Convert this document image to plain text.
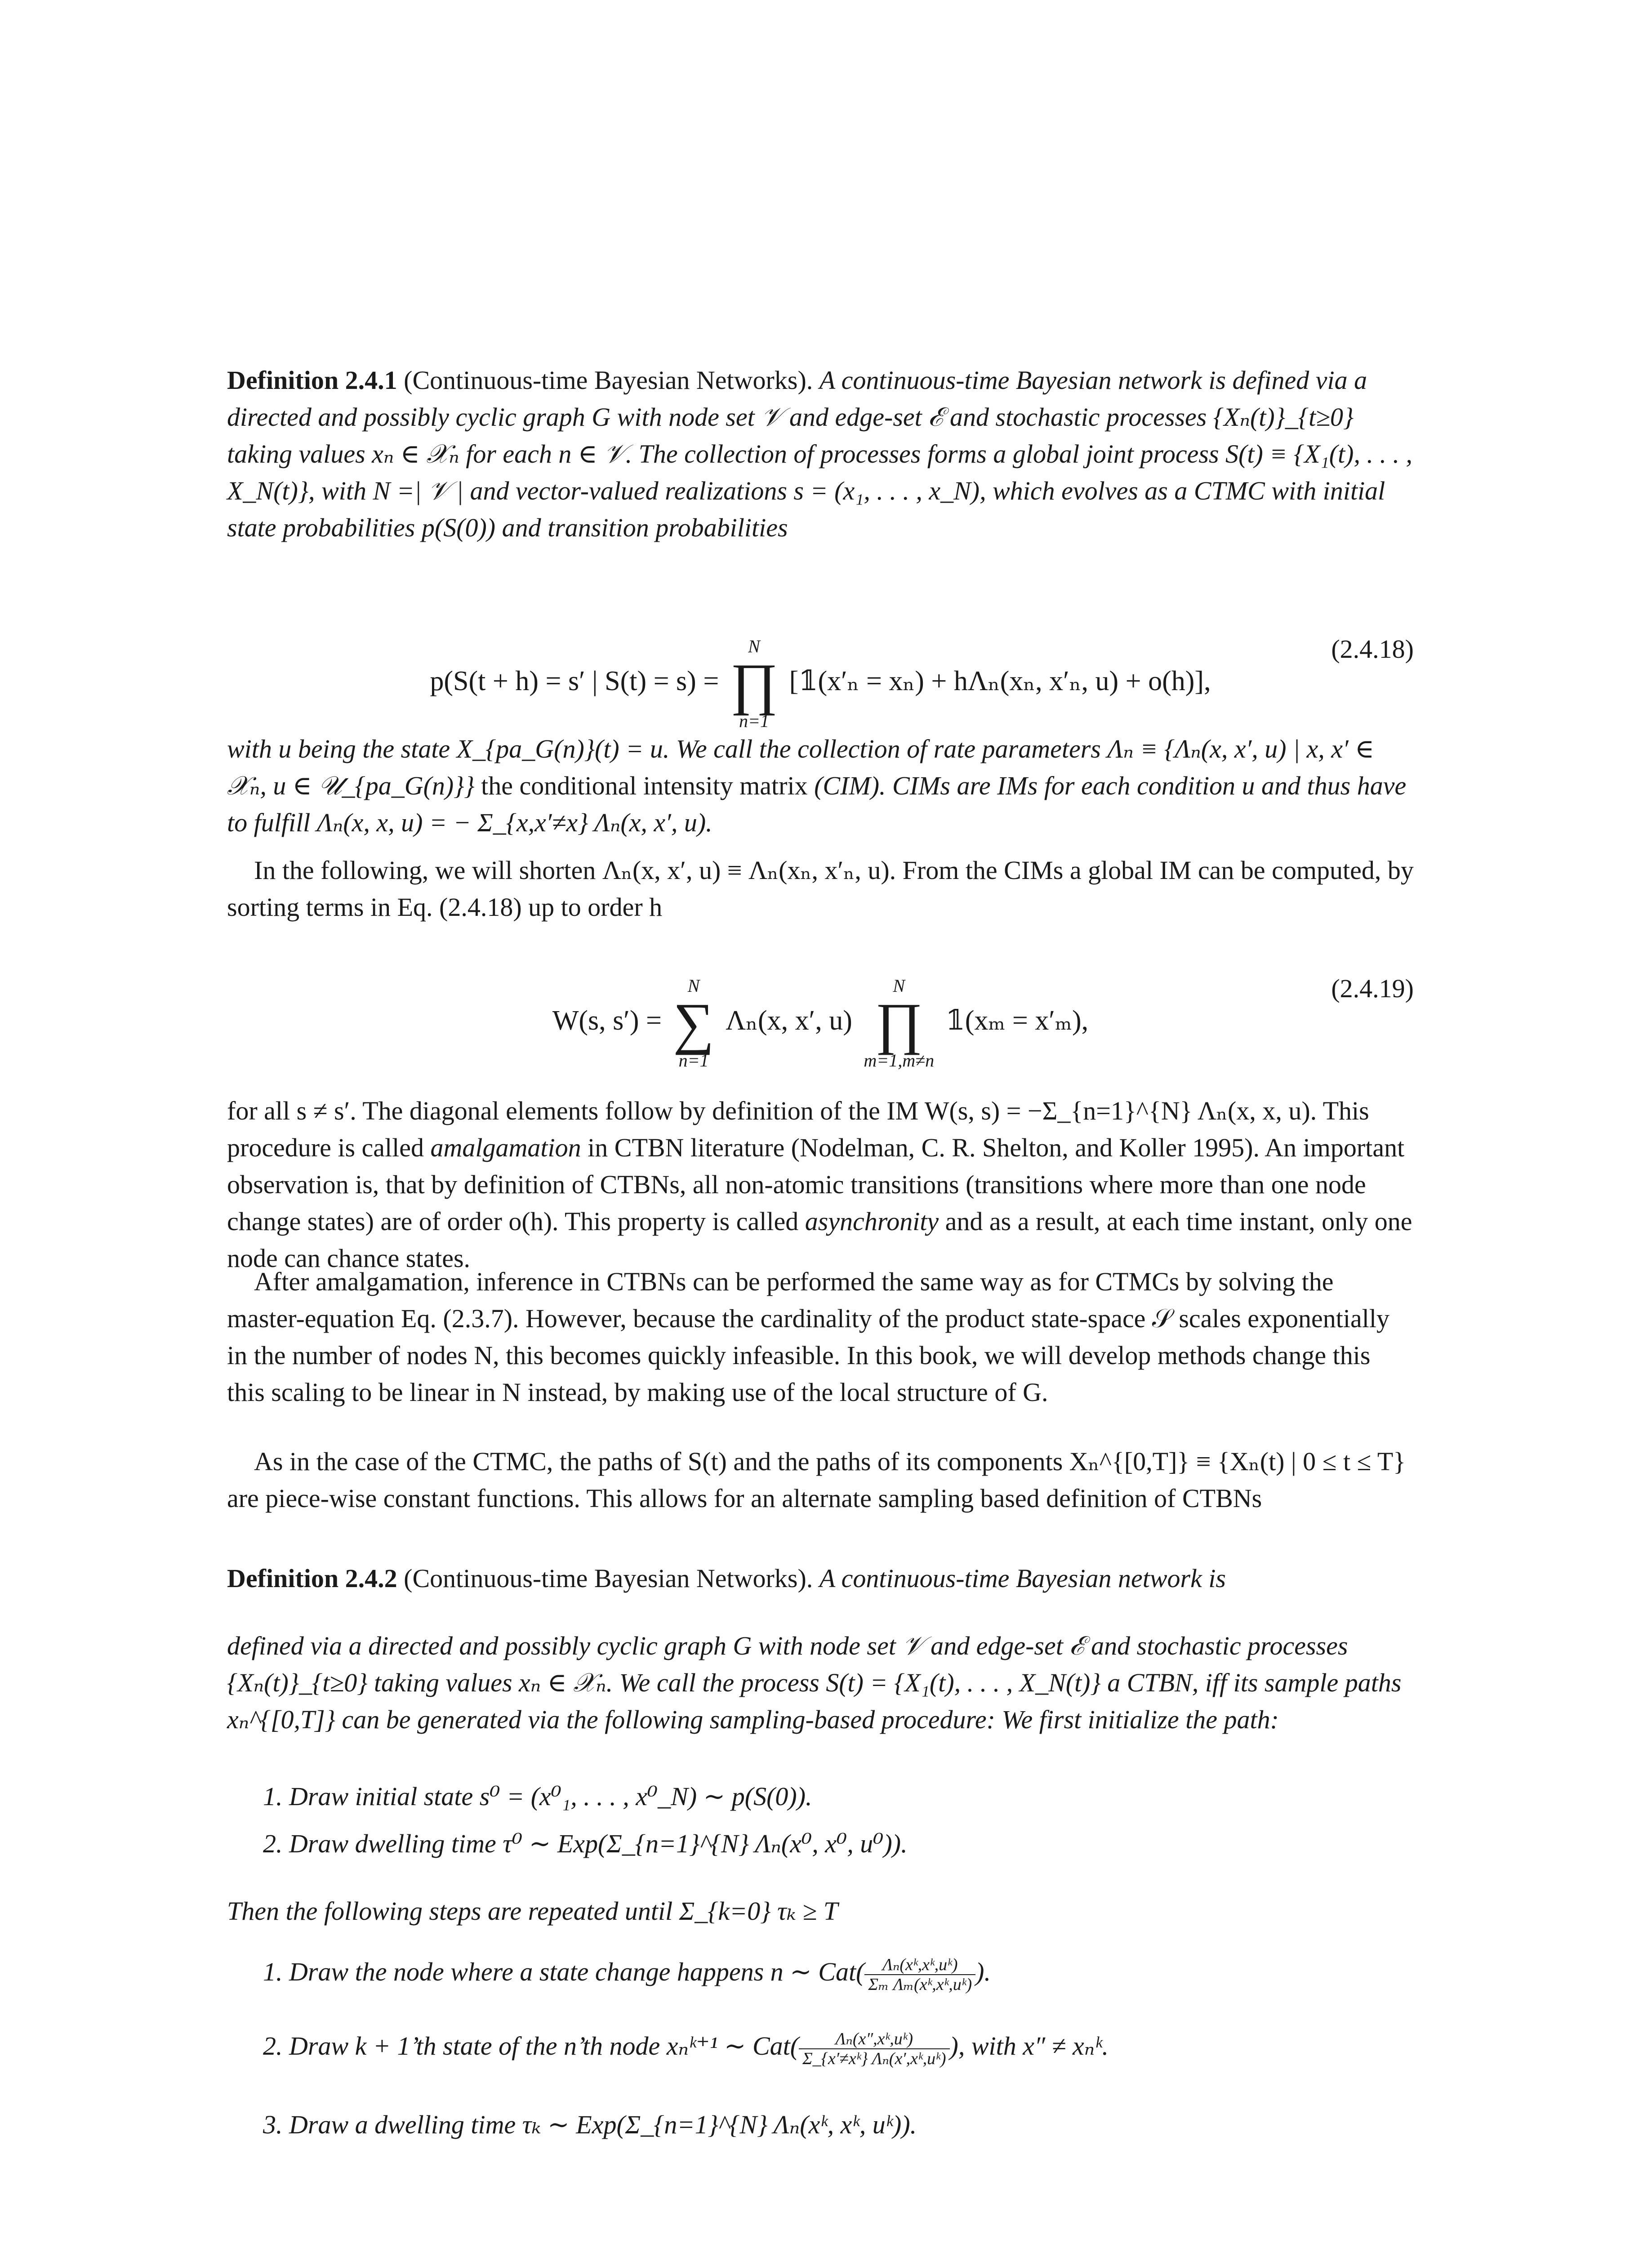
Definition 2.4.1 (Continuous-time Bayesian Networks). A continuous-time Bayesian network is defined via a directed and possibly cyclic graph G with node set 𝒱 and edge-set ℰ and stochastic processes {Xₙ(t)}_{t≥0} taking values xₙ ∈ 𝒳ₙ for each n ∈ 𝒱. The collection of processes forms a global joint process S(t) ≡ {X₁(t), . . . , X_N(t)}, with N =| 𝒱 | and vector-valued realizations s = (x₁, . . . , x_N), which evolves as a CTMC with initial state probabilities p(S(0)) and transition probabilities
p(S(t + h) = s′ | S(t) = s) =
N
∏
n=1
[𝟙(x′ₙ = xₙ) + hΛₙ(xₙ, x′ₙ, u) + o(h)],
(2.4.18)
with u being the state X_{pa_G(n)}(t) = u. We call the collection of rate parameters Λₙ ≡ {Λₙ(x, x′, u) | x, x′ ∈ 𝒳ₙ, u ∈ 𝒰_{pa_G(n)}} the conditional intensity matrix (CIM). CIMs are IMs for each condition u and thus have to fulfill Λₙ(x, x, u) = − Σ_{x,x′≠x} Λₙ(x, x′, u).
In the following, we will shorten Λₙ(x, x′, u) ≡ Λₙ(xₙ, x′ₙ, u). From the CIMs a global IM can be computed, by sorting terms in Eq. (2.4.18) up to order h
W(s, s′) =
N
∑
n=1
Λₙ(x, x′, u)
N
∏
m=1,m≠n
𝟙(xₘ = x′ₘ),
(2.4.19)
for all s ≠ s′. The diagonal elements follow by definition of the IM W(s, s) = −Σ_{n=1}^{N} Λₙ(x, x, u). This procedure is called amalgamation in CTBN literature (Nodelman, C. R. Shelton, and Koller 1995). An important observation is, that by definition of CTBNs, all non-atomic transitions (transitions where more than one node change states) are of order o(h). This property is called asynchronity and as a result, at each time instant, only one node can chance states.
After amalgamation, inference in CTBNs can be performed the same way as for CTMCs by solving the master-equation Eq. (2.3.7). However, because the cardinality of the product state-space 𝒮 scales exponentially in the number of nodes N, this becomes quickly infeasible. In this book, we will develop methods change this this scaling to be linear in N instead, by making use of the local structure of G.
As in the case of the CTMC, the paths of S(t) and the paths of its components Xₙ^{[0,T]} ≡ {Xₙ(t) | 0 ≤ t ≤ T} are piece-wise constant functions. This allows for an alternate sampling based definition of CTBNs
Definition 2.4.2 (Continuous-time Bayesian Networks). A continuous-time Bayesian network is
defined via a directed and possibly cyclic graph G with node set 𝒱 and edge-set ℰ and stochastic processes {Xₙ(t)}_{t≥0} taking values xₙ ∈ 𝒳ₙ. We call the process S(t) = {X₁(t), . . . , X_N(t)} a CTBN, iff its sample paths xₙ^{[0,T]} can be generated via the following sampling-based procedure: We first initialize the path:
1. Draw initial state s⁰ = (x⁰₁, . . . , x⁰_N) ∼ p(S(0)).
2. Draw dwelling time τ⁰ ∼ Exp(Σ_{n=1}^{N} Λₙ(x⁰, x⁰, u⁰)).
Then the following steps are repeated until Σ_{k=0} τₖ ≥ T
1. Draw the node where a state change happens n ∼ $Cat( \frac{\text{Λₙ(xᵏ,xᵏ,uᵏ)}}{\text{Σₘ Λₘ(xᵏ,xᵏ,uᵏ)}}$ ).
2. Draw k + 1’th state of the n’th node xₙᵏ⁺¹ ∼ $Cat( \frac{\text{Λₙ(x″,xᵏ,uᵏ)}}{\text{Σ\_\{x′≠xᵏ\} Λₙ(x′,xᵏ,uᵏ)}}$ ), with x″ ≠ xₙᵏ.
3. Draw a dwelling time τₖ ∼ Exp(Σ_{n=1}^{N} Λₙ(xᵏ, xᵏ, uᵏ)).
